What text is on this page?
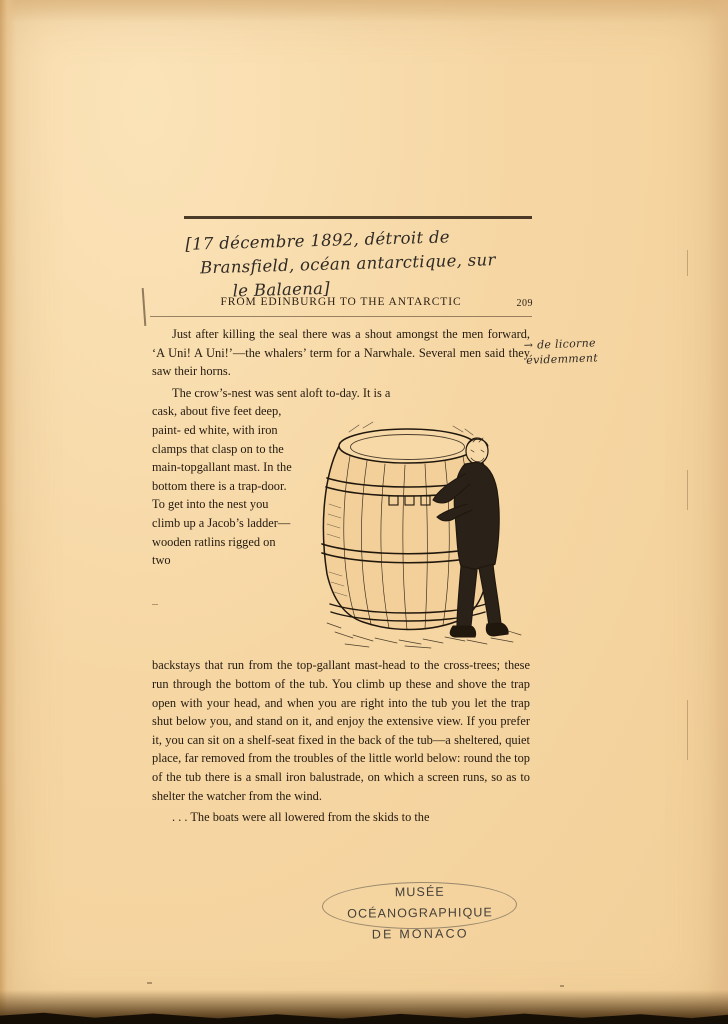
FROM EDINBURGH TO THE ANTARCTIC	209

Just after killing the seal there was a shout amongst the men forward, ‘A Uni! A Uni!’—the whalers’ term for a Narwhale. Several men said they saw their horns.

The crow’s-nest was sent aloft to-day. It is a

cask, about five feet deep, paint- ed white, with iron clamps that clasp on to the main-topgallant mast. In the bottom there is a trap-door. To get into the nest you climb up a Jacob’s ladder— wooden ratlins rigged on two
backstays that run from the top-gallant mast-head to the cross-trees; these run through the bottom of the tub. You climb up these and shove the trap open with your head, and when you are right into the tub you let the trap shut below you, and stand on it, and enjoy the extensive view. If you prefer it, you can sit on a shelf-seat fixed in the back of the tub—a sheltered, quiet place, far removed from the troubles of the little world below: round the top of the tub there is a small iron balustrade, on which a screen runs, so as to shelter the watcher from the wind.

. . . The boats were all lowered from the skids to the

[17 décembre 1892, détroit de
Bransfield, océan antarctique, sur
le Balaena]
→ de licorne
évidemment
MUSÉE OCÉANOGRAPHIQUE
DE MONACO
